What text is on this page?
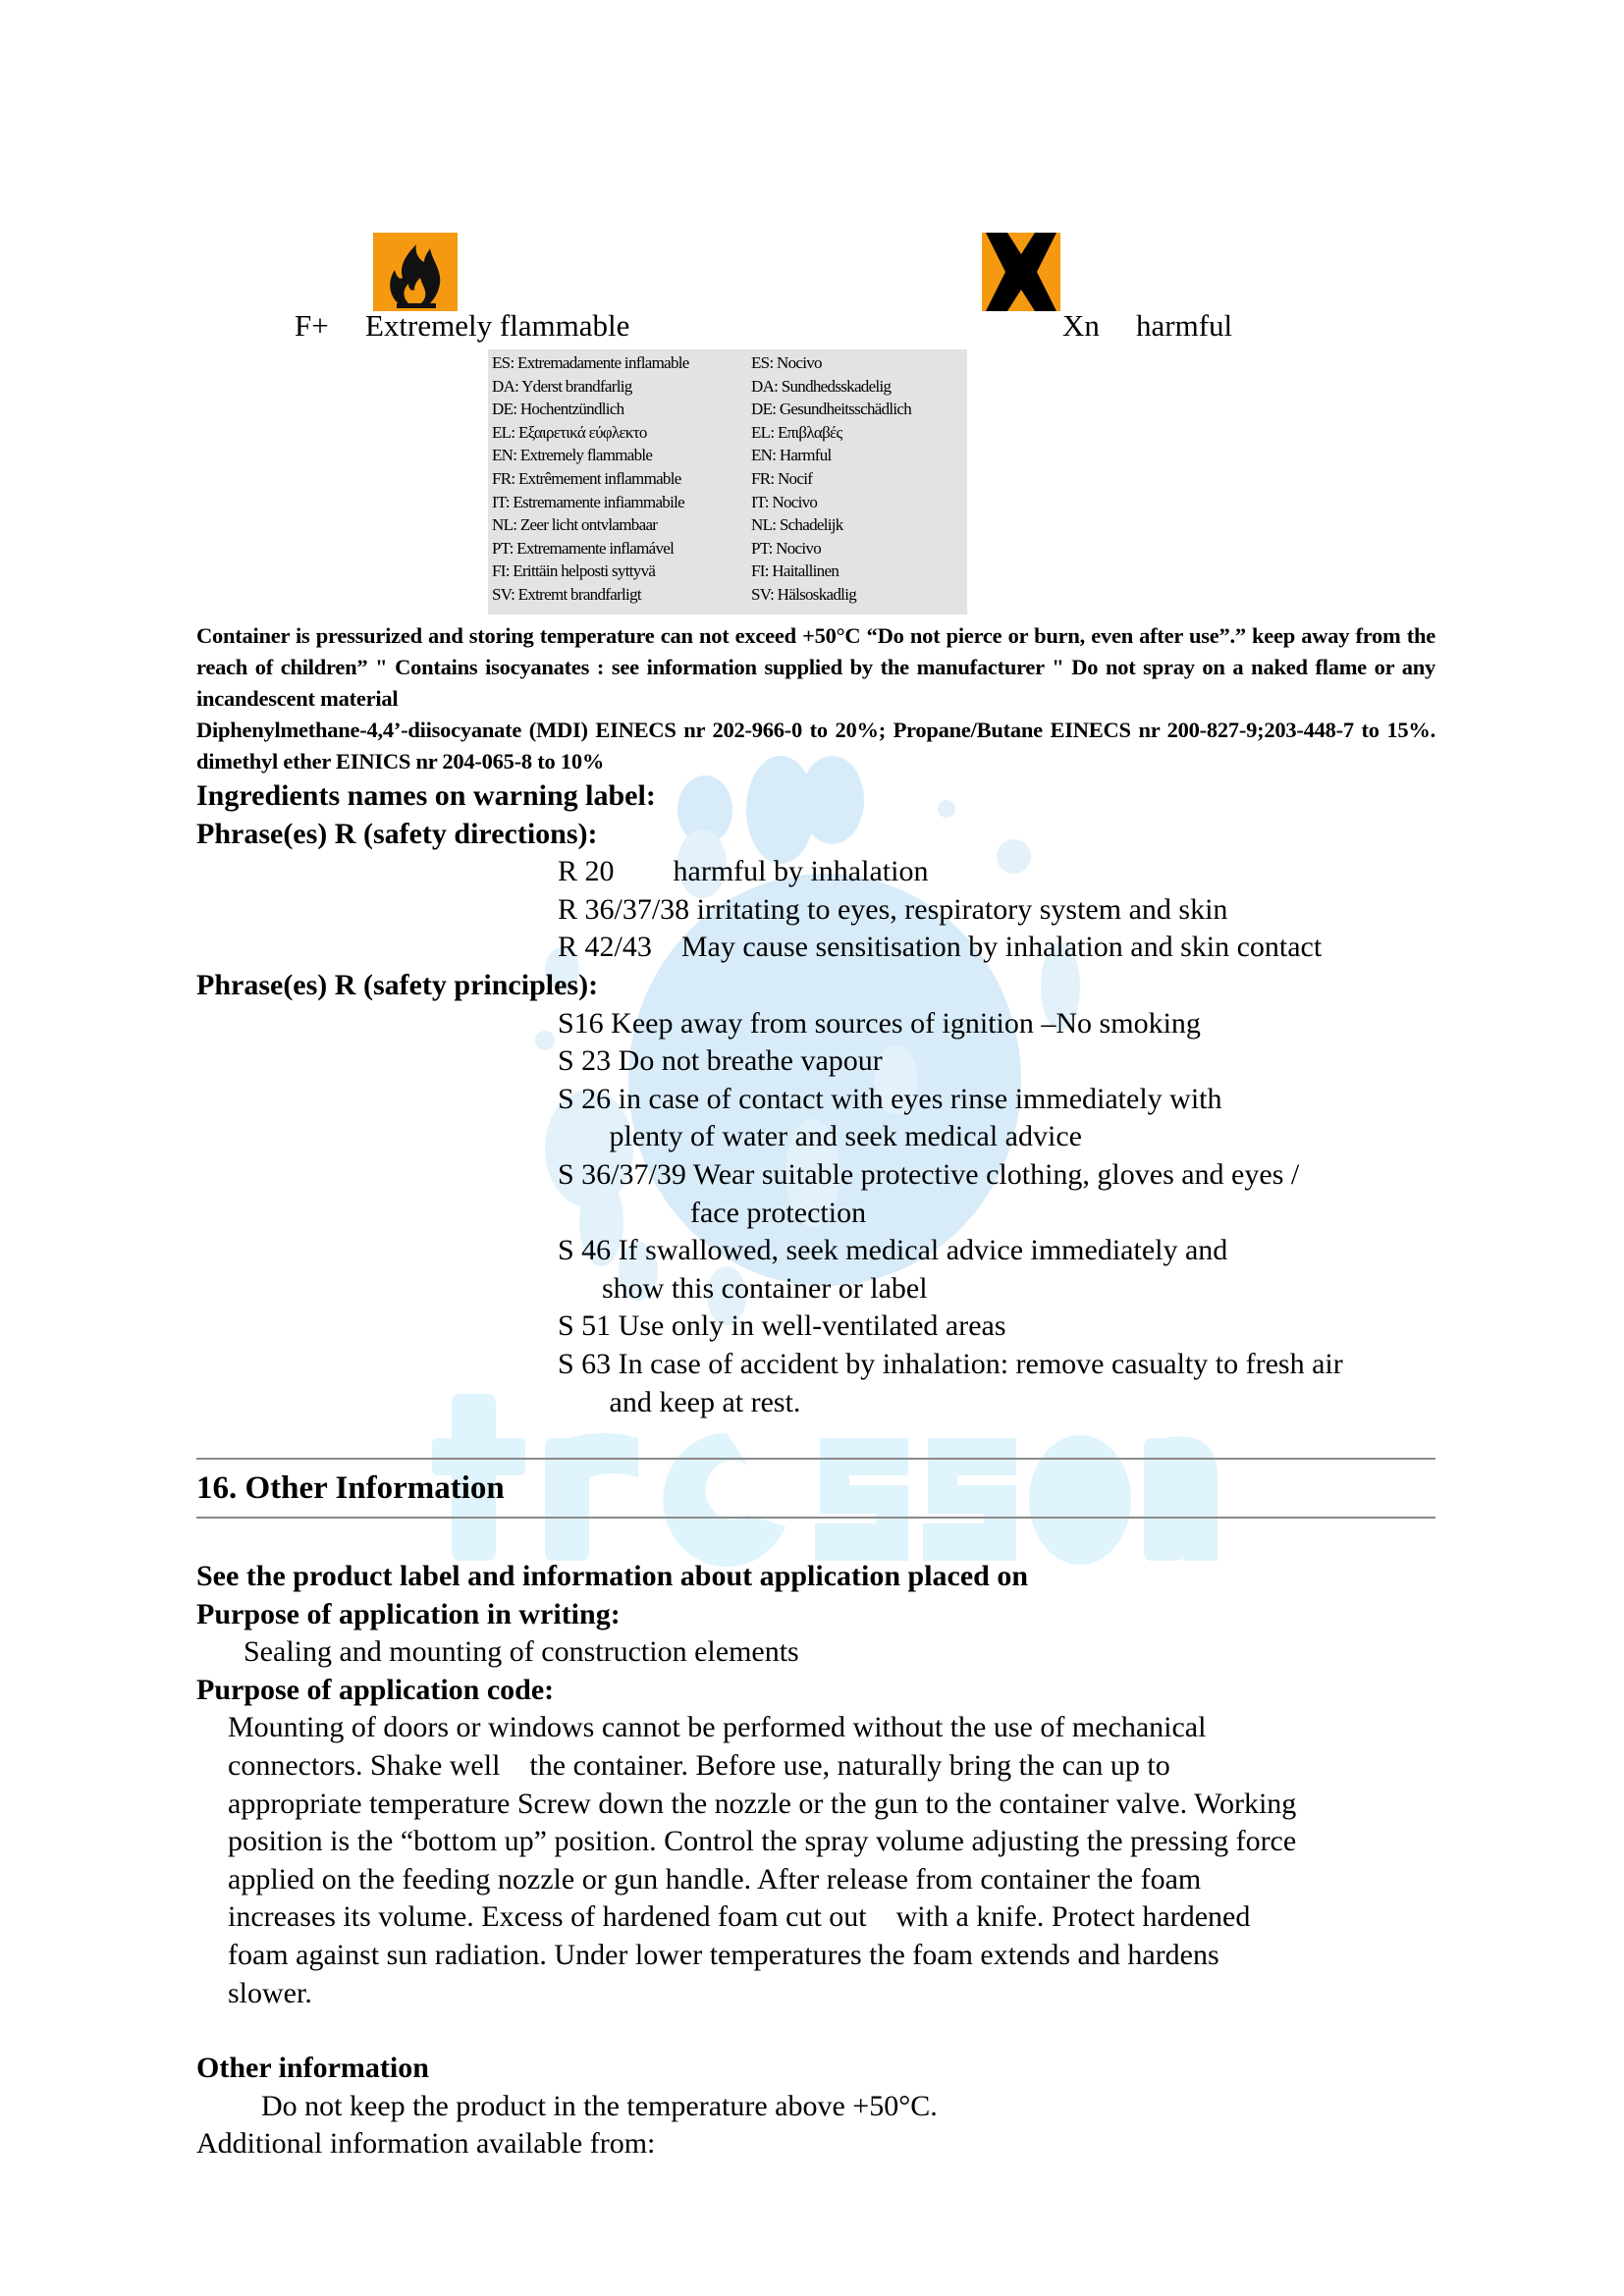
F+ Extremely flammable	Xn harmful
ES: Extremadamente inflamable
DA: Yderst brandfarlig
DE: Hochentzündlich
EL: Εξαιρετικά εύφλεκτο
EN: Extremely flammable
FR: Extrêmement inflammable
IT: Estremamente infiammabile
NL: Zeer licht ontvlambaar
PT: Extremamente inflamável
FI: Erittäin helposti syttyvä
SV: Extremt brandfarligt
ES: Nocivo
DA: Sundhedsskadelig
DE: Gesundheitsschädlich
EL: Επιβλαβές
EN: Harmful
FR: Nocif
IT: Nocivo
NL: Schadelijk
PT: Nocivo
FI: Haitallinen
SV: Hälsoskadlig

Container is pressurized and storing temperature can not exceed +50°C “Do not pierce or burn, even after use”.” keep away from the reach of children” " Contains isocyanates : see information supplied by the manufacturer " Do not spray on a naked flame or any incandescent material

Diphenylmethane-4,4’-diisocyanate (MDI) EINECS nr 202-966-0 to 20%; Propane/Butane EINECS nr 200-827-9;203-448-7 to 15%. dimethyl ether EINICS nr 204-065-8 to 10%

Ingredients names on warning label:
Phrase(es) R (safety directions):
R 20        harmful by inhalation
R 36/37/38 irritating to eyes, respiratory system and skin
R 42/43    May cause sensitisation by inhalation and skin contact
Phrase(es) R (safety principles):
S16 Keep away from sources of ignition –No smoking
S 23 Do not breathe vapour
S 26 in case of contact with eyes rinse immediately with
plenty of water and seek medical advice
S 36/37/39 Wear suitable protective clothing, gloves and eyes /
face protection
S 46 If swallowed, seek medical advice immediately and
show this container or label
S 51 Use only in well-ventilated areas
S 63 In case of accident by inhalation: remove casualty to fresh air
and keep at rest.
16. Other Information
See the product label and information about application placed on
Purpose of application in writing:
Sealing and mounting of construction elements
Purpose of application code:
Mounting of doors or windows cannot be performed without the use of mechanical
connectors. Shake well    the container. Before use, naturally bring the can up to
appropriate temperature Screw down the nozzle or the gun to the container valve. Working
position is the “bottom up” position. Control the spray volume adjusting the pressing force
applied on the feeding nozzle or gun handle. After release from container the foam
increases its volume. Excess of hardened foam cut out    with a knife. Protect hardened
foam against sun radiation. Under lower temperatures the foam extends and hardens
slower.
Other information
Do not keep the product in the temperature above +50°C.
Additional information available from:
